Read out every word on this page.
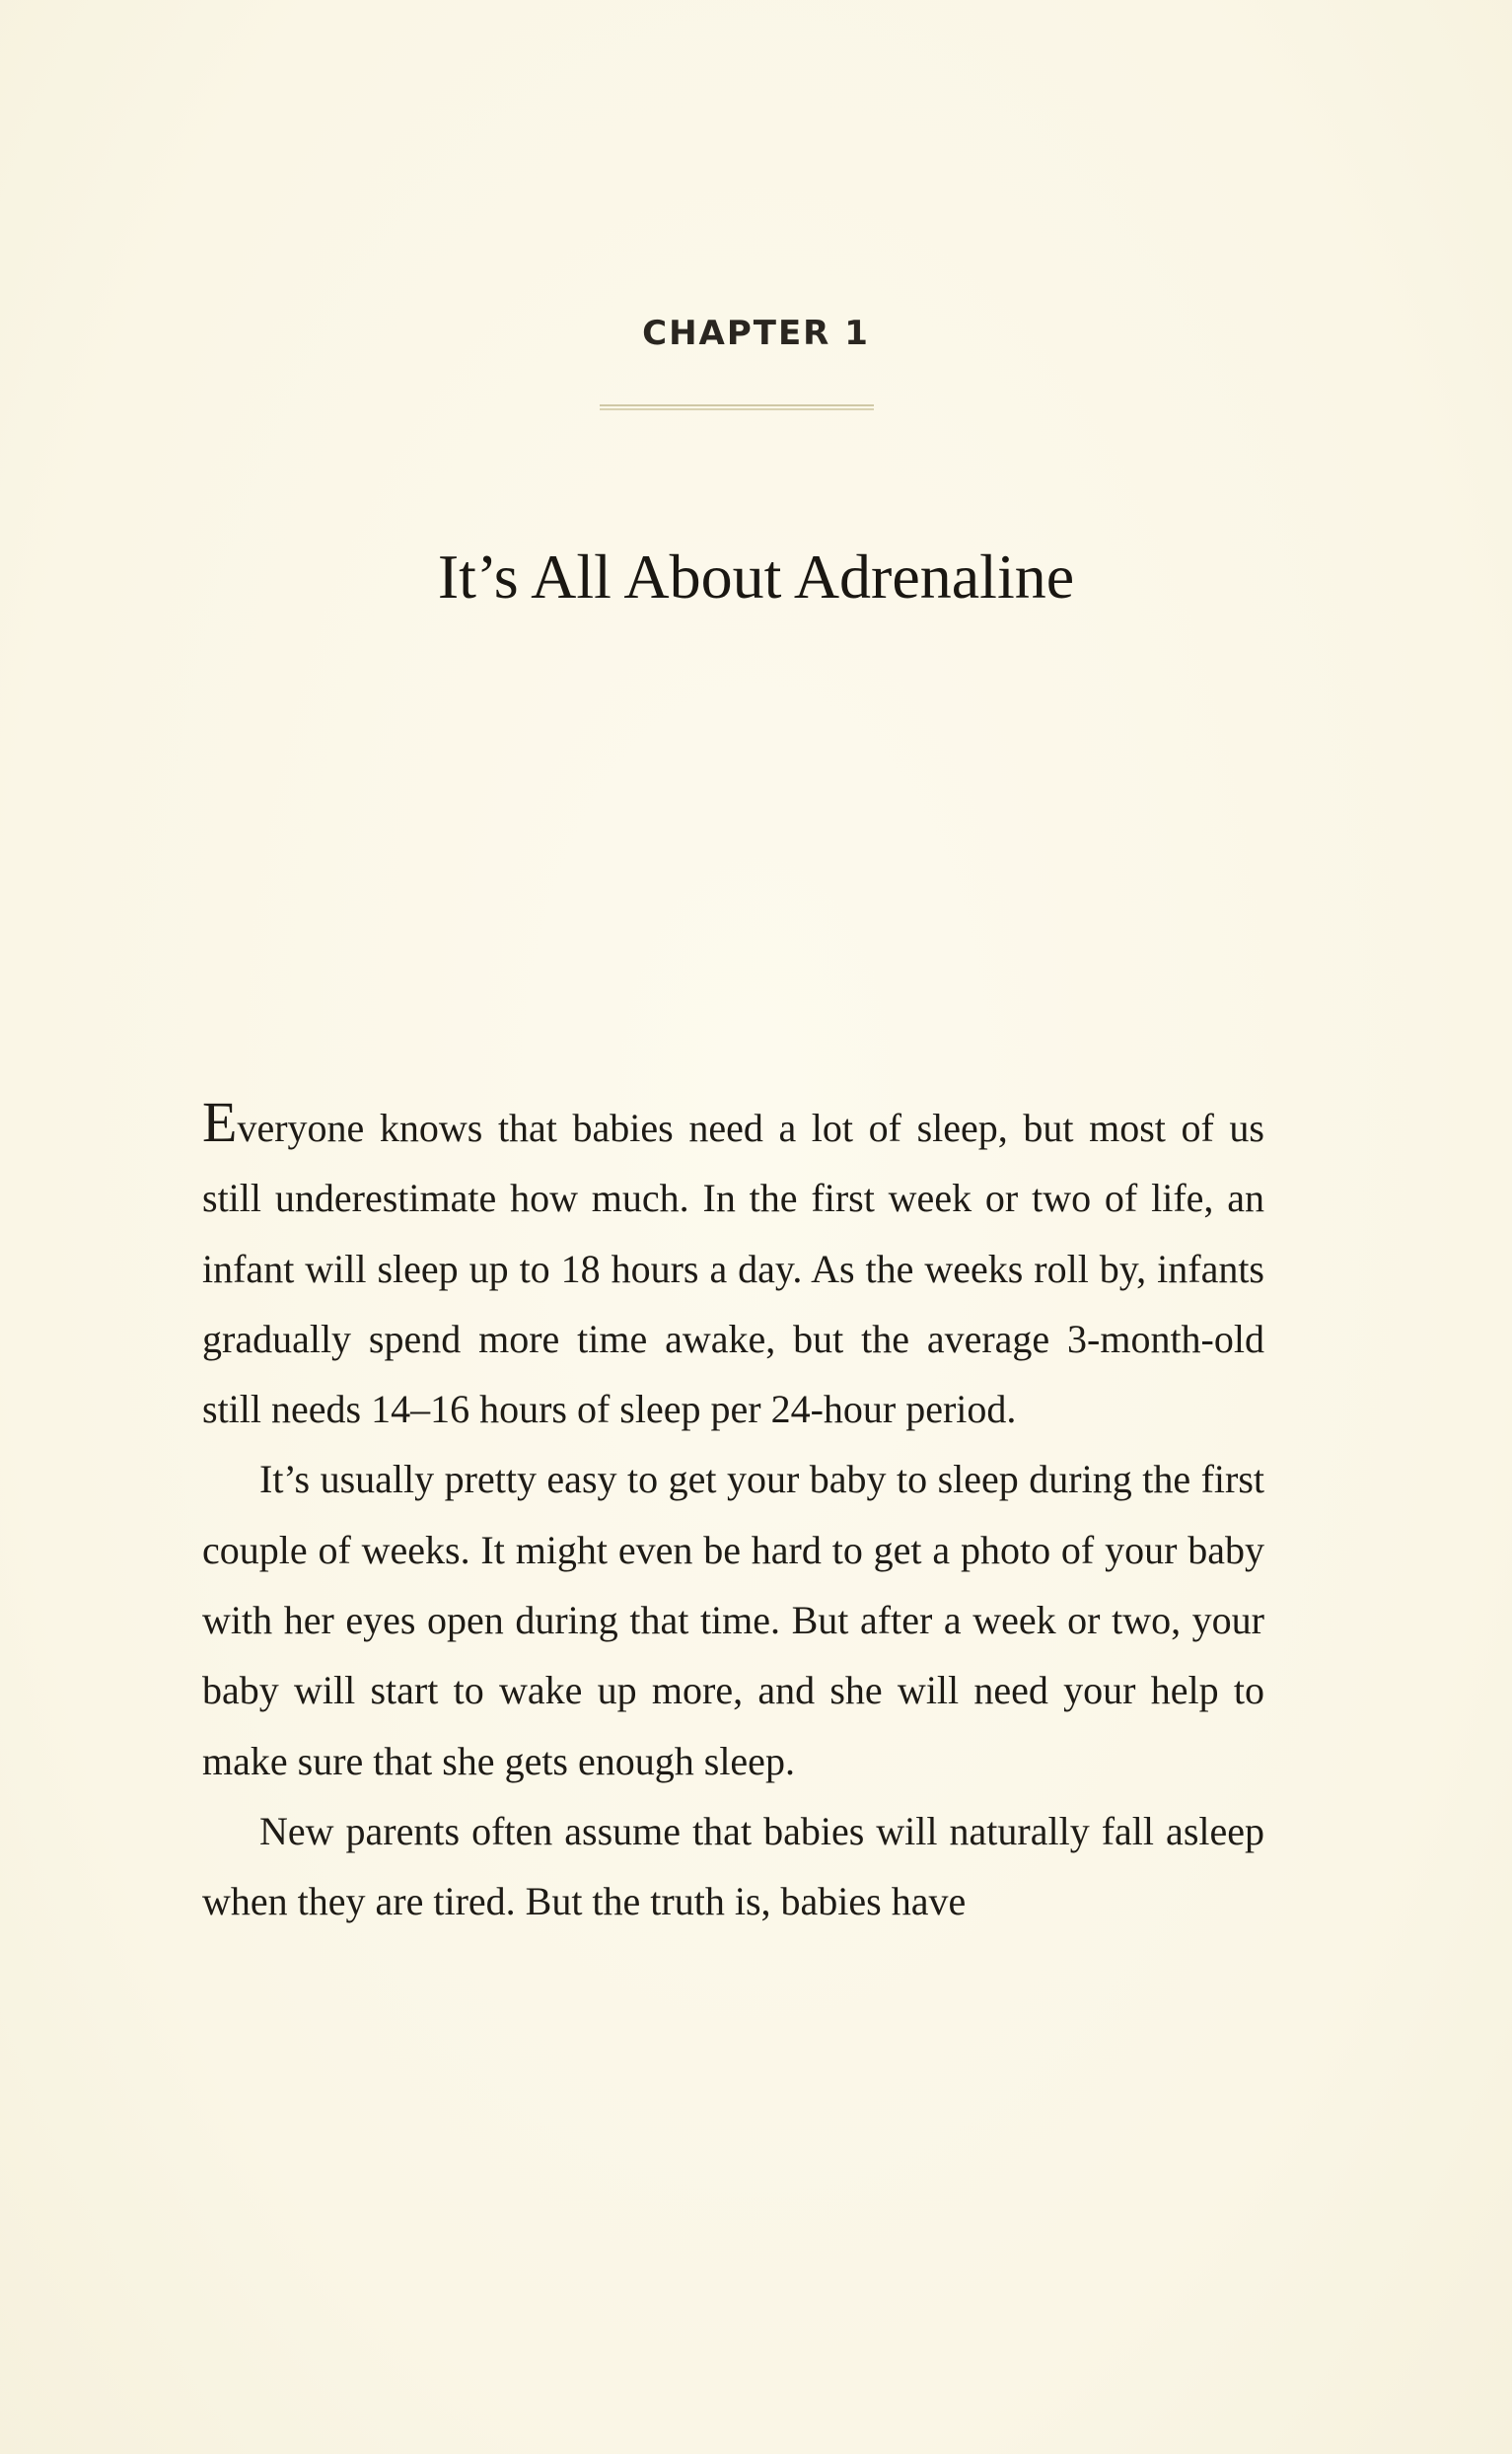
CHAPTER 1
It’s All About Adrenaline

Everyone knows that babies need a lot of sleep, but most of us still underestimate how much. In the first week or two of life, an infant will sleep up to 18 hours a day. As the weeks roll by, infants gradually spend more time awake, but the average 3-month-old still needs 14–16 hours of sleep per 24-hour period.

It’s usually pretty easy to get your baby to sleep during the first couple of weeks. It might even be hard to get a photo of your baby with her eyes open during that time. But after a week or two, your baby will start to wake up more, and she will need your help to make sure that she gets enough sleep.

New parents often assume that babies will naturally fall asleep when they are tired. But the truth is, babies have
